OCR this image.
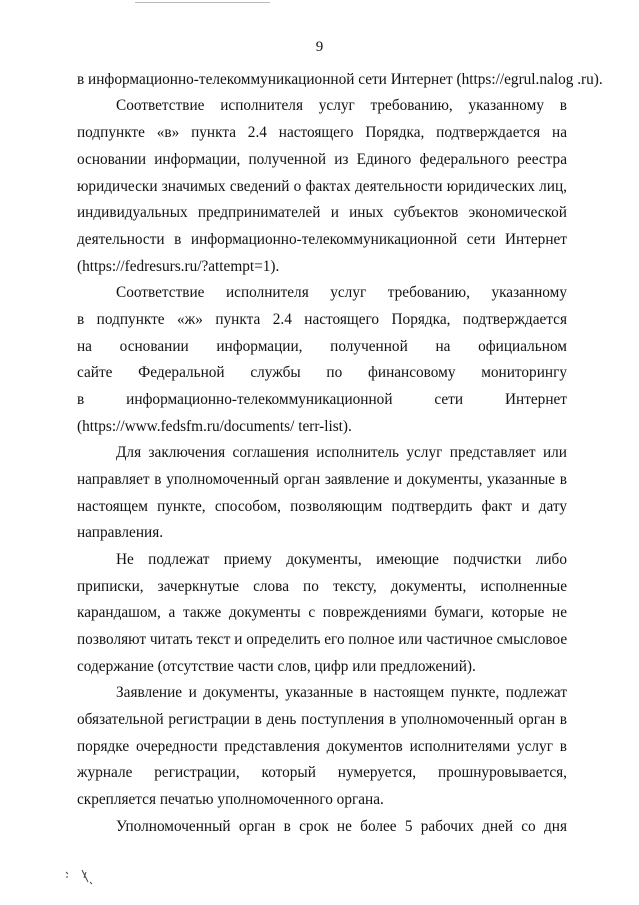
9
в информационно-телекоммуникационной сети Интернет (https://egrul.nalog .ru).
Соответствие исполнителя услуг требованию, указанному в
подпункте «в» пункта 2.4 настоящего Порядка, подтверждается на
основании информации, полученной из Единого федерального реестра
юридически значимых сведений о фактах деятельности юридических лиц,
индивидуальных предпринимателей и иных субъектов экономической
деятельности в информационно-телекоммуникационной сети Интернет
(https://fedresurs.ru/?attempt=1).
Соответствие исполнителя услуг требованию, указанному
в подпункте «ж» пункта 2.4 настоящего Порядка, подтверждается
на основании информации, полученной на официальном
сайте Федеральной службы по финансовому мониторингу
в информационно-телекоммуникационной сети Интернет
(https://www.fedsfm.ru/documents/ terr-list).
Для заключения соглашения исполнитель услуг представляет или
направляет в уполномоченный орган заявление и документы, указанные в
настоящем пункте, способом, позволяющим подтвердить факт и дату
направления.
Не подлежат приему документы, имеющие подчистки либо
приписки, зачеркнутые слова по тексту, документы, исполненные
карандашом, а также документы с повреждениями бумаги, которые не
позволяют читать текст и определить его полное или частичное смысловое
содержание (отсутствие части слов, цифр или предложений).
Заявление и документы, указанные в настоящем пункте, подлежат
обязательной регистрации в день поступления в уполномоченный орган в
порядке очередности представления документов исполнителями услуг в
журнале регистрации, который нумеруется, прошнуровывается,
скрепляется печатью уполномоченного органа.
Уполномоченный орган в срок не более 5 рабочих дней со дня
